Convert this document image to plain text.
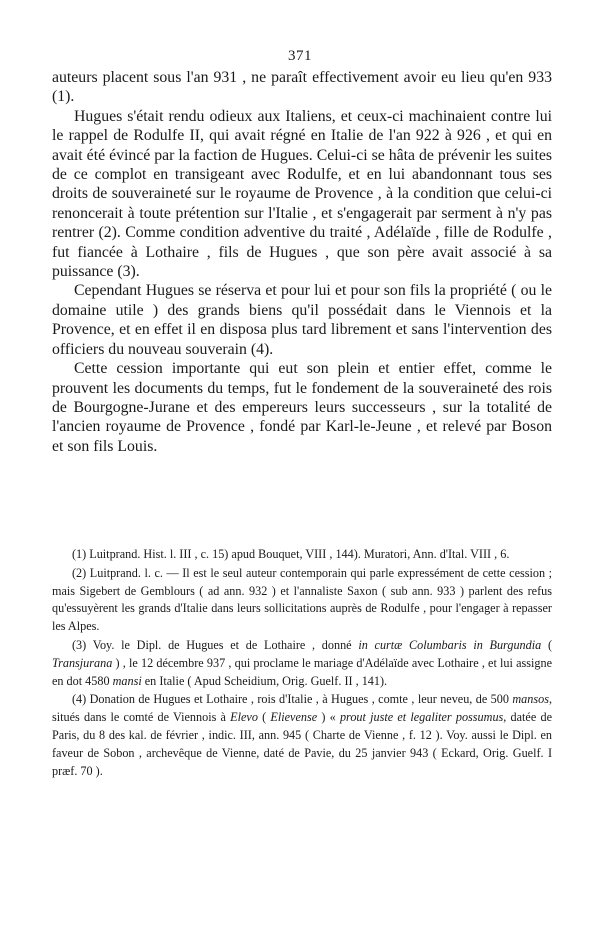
371

auteurs placent sous l'an 931 , ne paraît effectivement avoir eu lieu qu'en 933 (1).

Hugues s'était rendu odieux aux Italiens, et ceux-ci machinaient contre lui le rappel de Rodulfe II, qui avait régné en Italie de l'an 922 à 926 , et qui en avait été évincé par la faction de Hugues. Celui-ci se hâta de prévenir les suites de ce complot en transigeant avec Rodulfe, et en lui abandonnant tous ses droits de souveraineté sur le royaume de Provence , à la condition que celui-ci renoncerait à toute prétention sur l'Italie , et s'engagerait par serment à n'y pas rentrer (2). Comme condition adventive du traité , Adélaïde , fille de Rodulfe , fut fiancée à Lothaire , fils de Hugues , que son père avait associé à sa puissance (3).

Cependant Hugues se réserva et pour lui et pour son fils la propriété ( ou le domaine utile ) des grands biens qu'il possédait dans le Viennois et la Provence, et en effet il en disposa plus tard librement et sans l'intervention des officiers du nouveau souverain (4).

Cette cession importante qui eut son plein et entier effet, comme le prouvent les documents du temps, fut le fondement de la souveraineté des rois de Bourgogne-Jurane et des empereurs leurs successeurs , sur la totalité de l'ancien royaume de Provence , fondé par Karl-le-Jeune , et relevé par Boson et son fils Louis.

(1) Luitprand. Hist. l. III , c. 15) apud Bouquet, VIII , 144). Muratori, Ann. d'Ital. VIII , 6.

(2) Luitprand. l. c. — Il est le seul auteur contemporain qui parle expressément de cette cession ; mais Sigebert de Gemblours ( ad ann. 932 ) et l'annaliste Saxon ( sub ann. 933 ) parlent des refus qu'essuyèrent les grands d'Italie dans leurs sollicitations auprès de Rodulfe , pour l'engager à repasser les Alpes.

(3) Voy. le Dipl. de Hugues et de Lothaire , donné in curtæ Columbaris in Burgundia ( Transjurana ) , le 12 décembre 937 , qui proclame le mariage d'Adélaïde avec Lothaire , et lui assigne en dot 4580 mansi en Italie ( Apud Scheidium, Orig. Guelf. II , 141).

(4) Donation de Hugues et Lothaire , rois d'Italie , à Hugues , comte , leur neveu, de 500 mansos, situés dans le comté de Viennois à Elevo ( Elievense ) « prout juste et legaliter possumus, datée de Paris, du 8 des kal. de février , indic. III, ann. 945 ( Charte de Vienne , f. 12 ). Voy. aussi le Dipl. en faveur de Sobon , archevêque de Vienne, daté de Pavie, du 25 janvier 943 ( Eckard, Orig. Guelf. I præf. 70 ).
